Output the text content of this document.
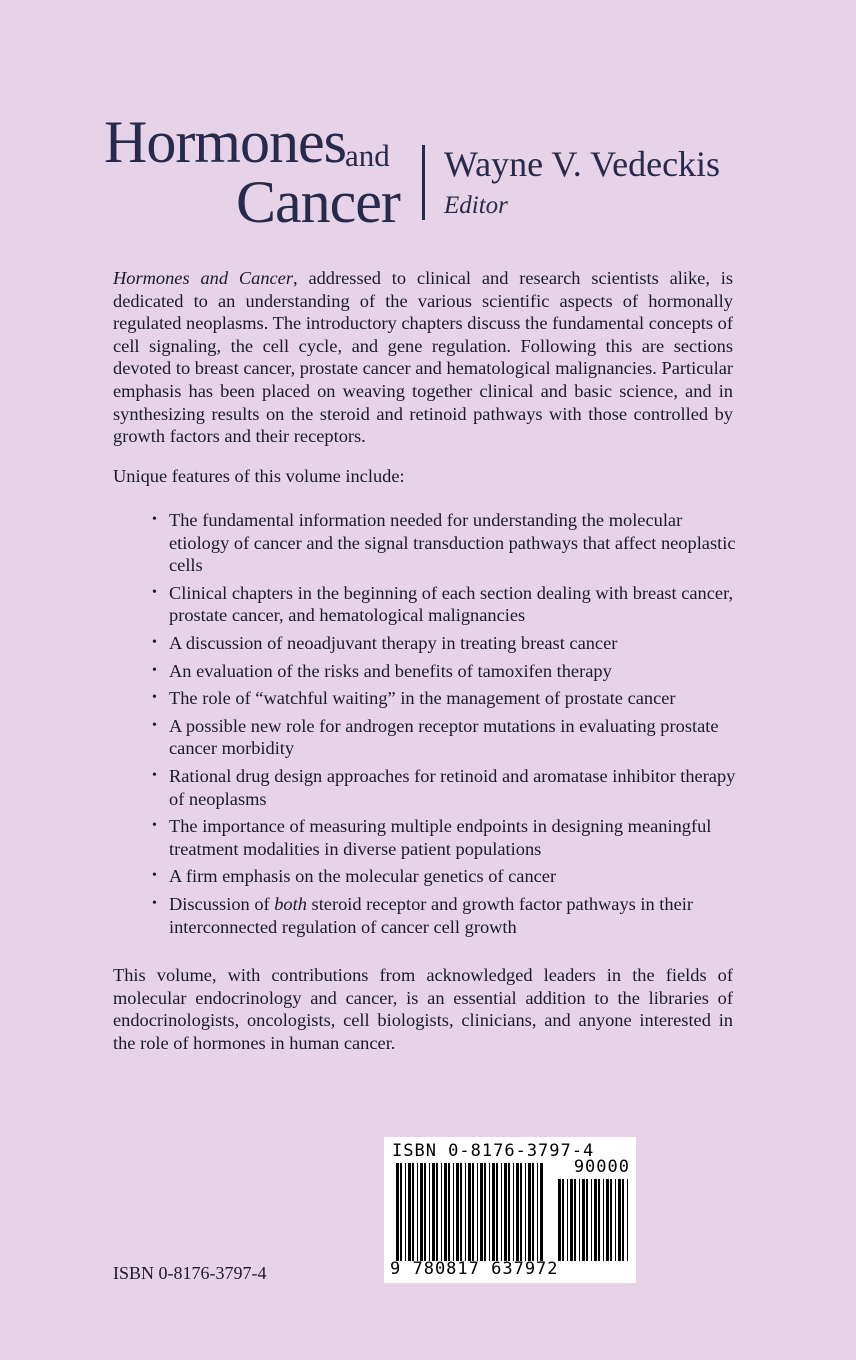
Hormones and
Cancer
Wayne V. Vedeckis
Editor

Hormones and Cancer, addressed to clinical and research scientists alike, is dedicated to an understanding of the various scientific aspects of hormonally regulated neoplasms. The introductory chapters discuss the fundamental concepts of cell signaling, the cell cycle, and gene regulation. Following this are sections devoted to breast cancer, prostate cancer and hematological malignancies. Particular emphasis has been placed on weaving together clinical and basic science, and in synthesizing results on the steroid and retinoid pathways with those controlled by growth factors and their receptors.

Unique features of this volume include:

• The fundamental information needed for understanding the molecular etiology of cancer and the signal transduction pathways that affect neoplastic cells
• Clinical chapters in the beginning of each section dealing with breast cancer, prostate cancer, and hematological malignancies
• A discussion of neoadjuvant therapy in treating breast cancer
• An evaluation of the risks and benefits of tamoxifen therapy
• The role of “watchful waiting” in the management of prostate cancer
• A possible new role for androgen receptor mutations in evaluating prostate cancer morbidity
• Rational drug design approaches for retinoid and aromatase inhibitor therapy of neoplasms
• The importance of measuring multiple endpoints in designing meaningful treatment modalities in diverse patient populations
• A firm emphasis on the molecular genetics of cancer
• Discussion of both steroid receptor and growth factor pathways in their interconnected regulation of cancer cell growth

This volume, with contributions from acknowledged leaders in the fields of molecular endocrinology and cancer, is an essential addition to the libraries of endocrinologists, oncologists, cell biologists, clinicians, and anyone interested in the role of hormones in human cancer.

ISBN 0-8176-3797-4
ISBN 0-8176-3797-4
90000
9 780817 637972
